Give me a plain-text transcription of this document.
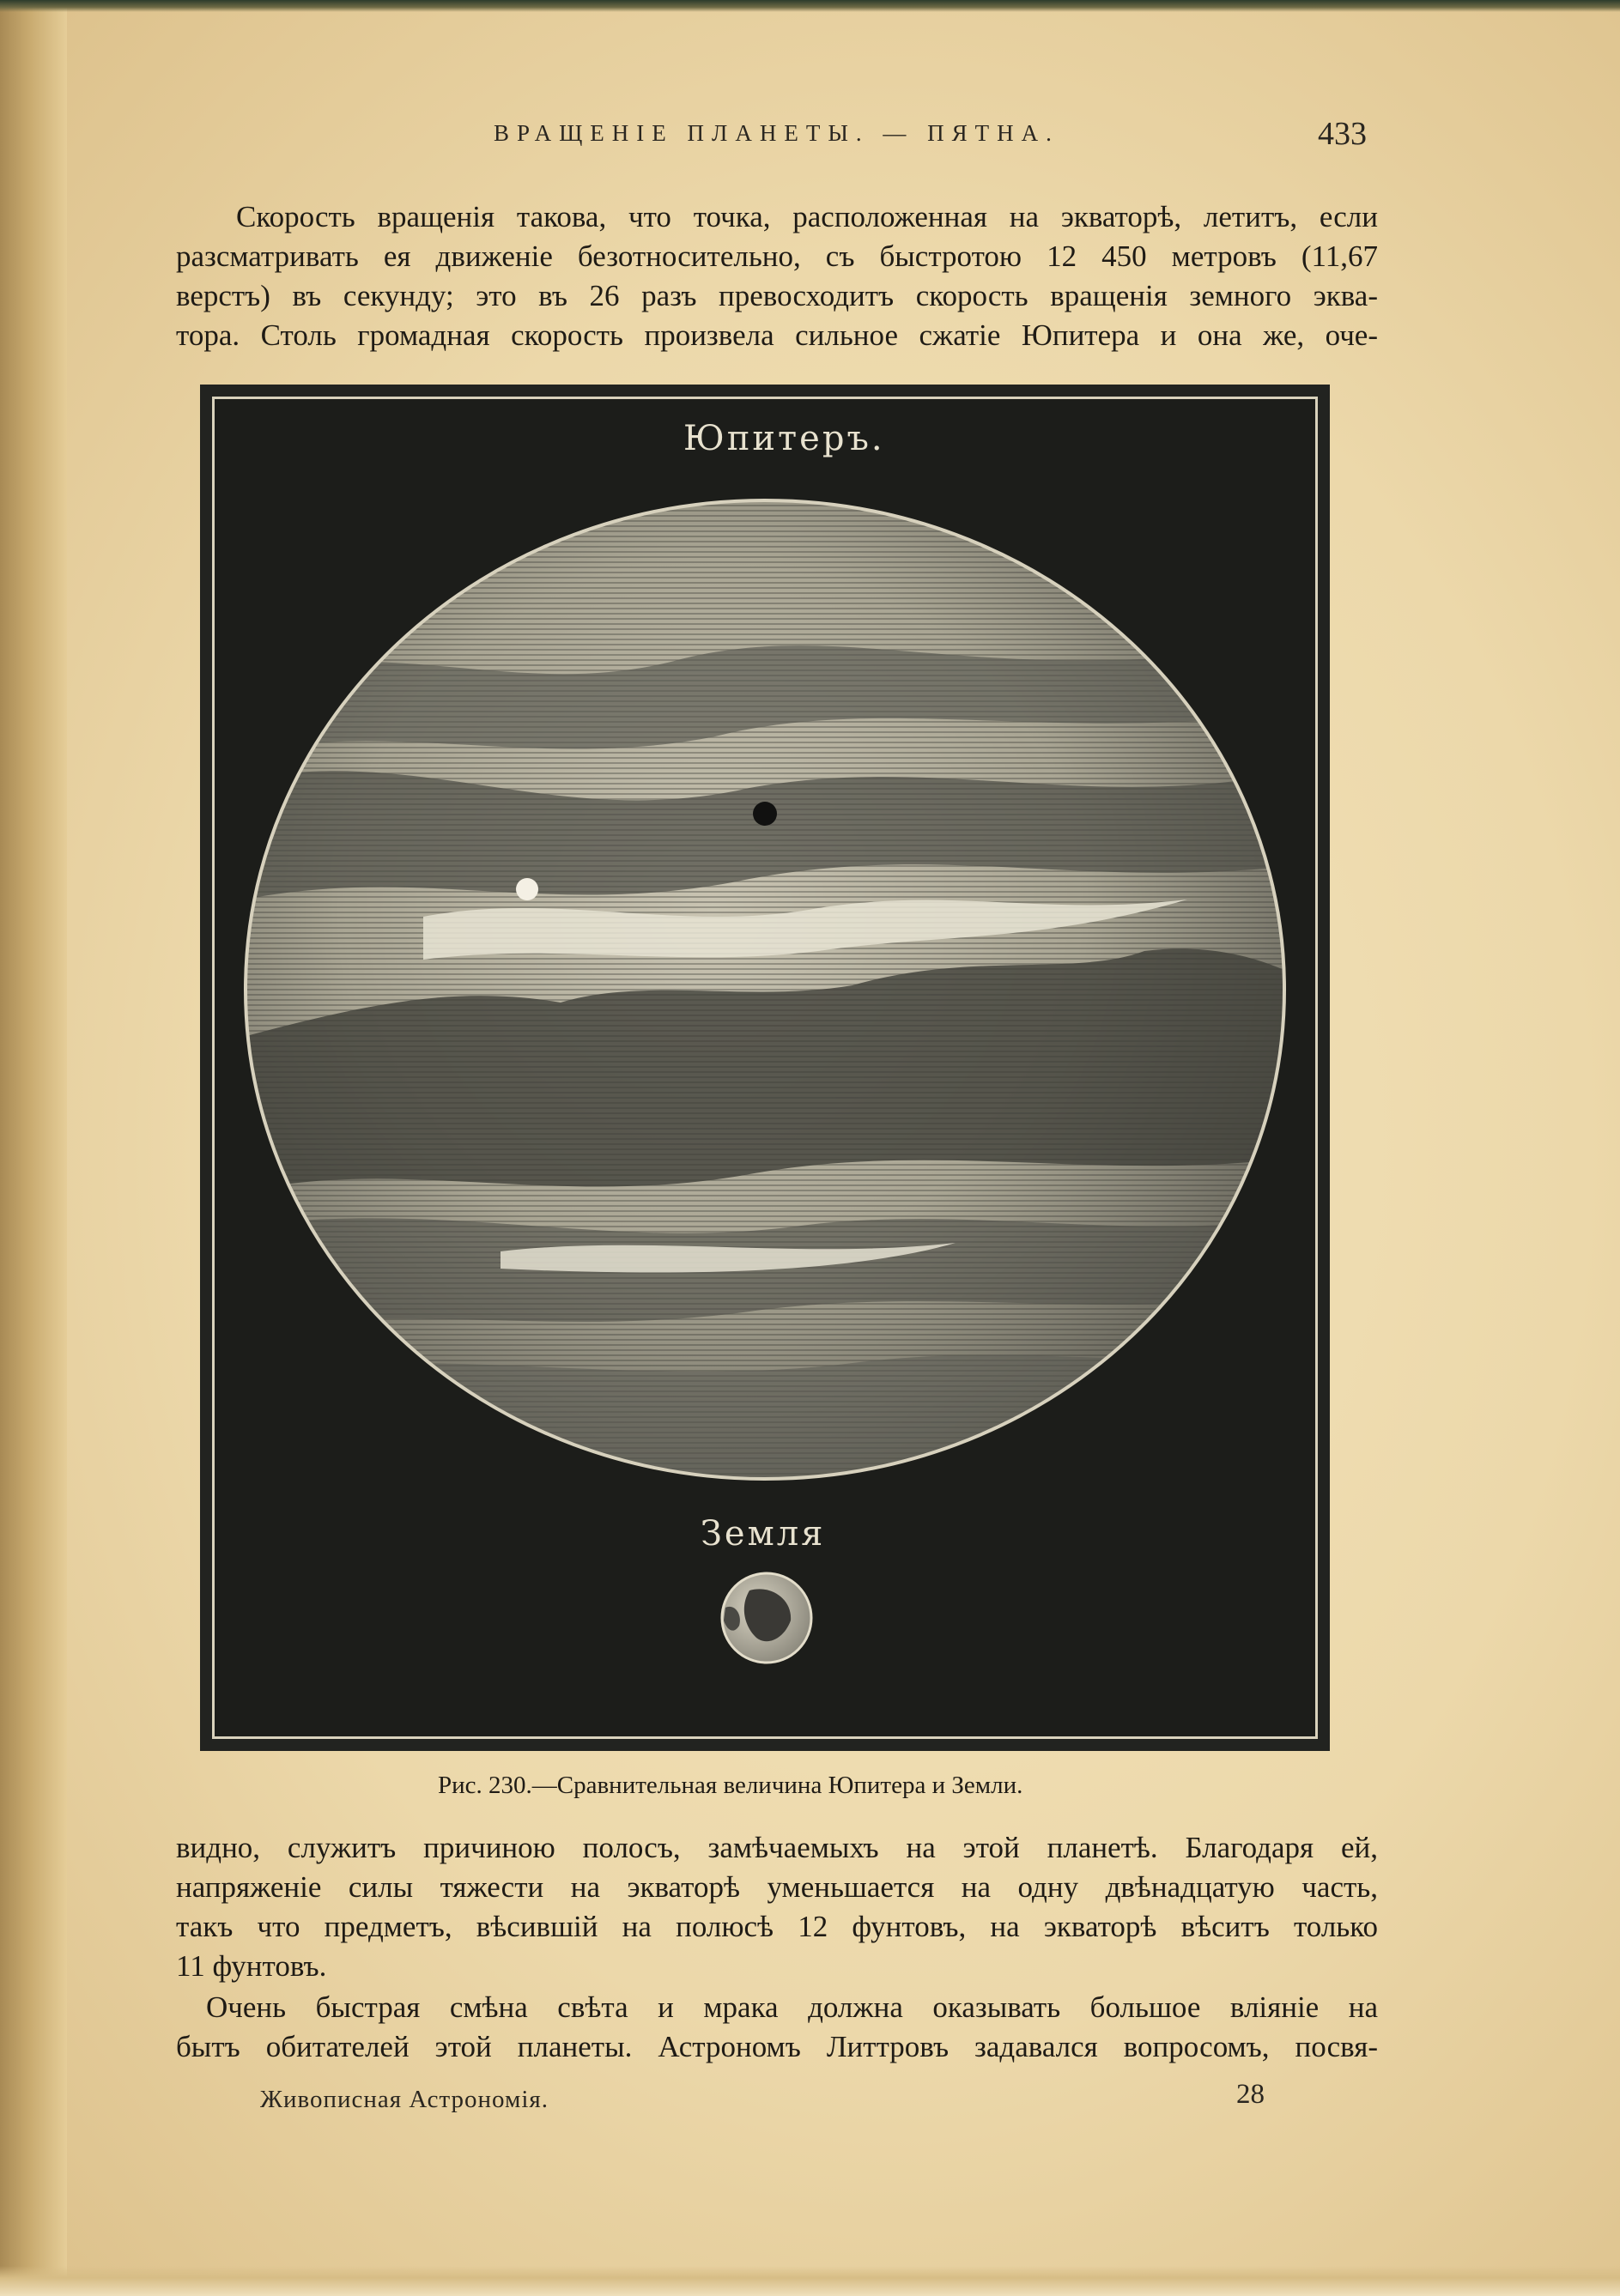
ВРАЩЕНІЕ ПЛАНЕТЫ. — ПЯТНА.	433
Скорость вращенія такова, что точка, расположенная на экваторѣ, летитъ, если
разсматривать ея движеніе безотносительно, съ быстротою 12 450 метровъ (11,67
верстъ) въ секунду; это въ 26 разъ превосходитъ скорость вращенія земного эква-
тора. Столь громадная скорость произвела сильное сжатіе Юпитера и она же, оче-
Юпитеръ.
Земля
Рис. 230.—Сравнительная величина Юпитера и Земли.
видно, служитъ причиною полосъ, замѣчаемыхъ на этой планетѣ. Благодаря ей,
напряженіе силы тяжести на экваторѣ уменьшается на одну двѣнадцатую часть,
такъ что предметъ, вѣсившій на полюсѣ 12 фунтовъ, на экваторѣ вѣситъ только
11 фунтовъ.
Очень быстрая смѣна свѣта и мрака должна оказывать большое вліяніе на
бытъ обитателей этой планеты. Астрономъ Литтровъ задавался вопросомъ, посвя-
Живописная Астрономія.	28
